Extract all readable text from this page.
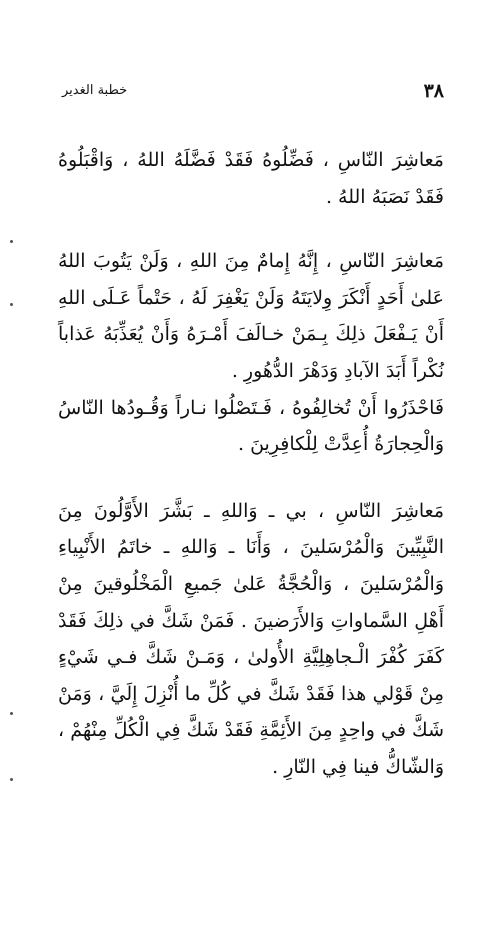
٣٨
خطبة الغدير

مَعاشِرَ النّاسِ ، فَضِّلُوهُ فَقَدْ فَضَّلَهُ اللهُ ، وَاقْبَلُوهُ فَقَدْ نَصَبَهُ اللهُ .

مَعاشِرَ النّاسِ ، إِنَّهُ إِمامٌ مِنَ اللهِ ، وَلَنْ يَتُوبَ اللهُ عَلىٰ أَحَدٍ أَنْكَرَ وِلايَتَهُ وَلَنْ يَغْفِرَ لَهُ ، حَتْماً عَـلَى اللهِ أَنْ يَـفْعَلَ ذلِكَ بِـمَنْ خـالَفَ أَمْـرَهُ وَأَنْ يُعَذِّبَهُ عَذاباً نُكْراً أَبَدَ الآبادِ وَدَهْرَ الدُّهُورِ .

فَاحْذَرُوا أَنْ تُخالِفُوهُ ، فَـتَصْلُوا نـاراً وَقُـودُها النّاسُ وَالْحِجارَةُ أُعِدَّتْ لِلْكافِرِينَ .

مَعاشِرَ النّاسِ ، بي ـ وَاللهِ ـ بَشَّرَ الأَوَّلُونَ مِنَ النَّبِيِّينَ وَالْمُرْسَلينَ ، وَأَنَا ـ وَاللهِ ـ خاتَمُ الأَنْبِياءِ وَالْمُرْسَلينَ ، وَالْحُجَّةُ عَلىٰ جَميعِ الْمَخْلُوقينَ مِنْ أَهْلِ السَّماواتِ وَالأَرَضينَ . فَمَنْ شَكَّ في ذلِكَ فَقَدْ كَفَرَ كُفْرَ الْـجاهِلِيَّةِ الأُولىٰ ، وَمَـنْ شَكَّ فـي شَيْءٍ مِنْ قَوْلي هذا فَقَدْ شَكَّ في كُلِّ ما أُنْزِلَ إِلَيَّ ، وَمَنْ شَكَّ في واحِدٍ مِنَ الأَئِمَّةِ فَقَدْ شَكَّ فِي الْكُلِّ مِنْهُمْ ، وَالشّاكُّ فينا فِي النّارِ .
